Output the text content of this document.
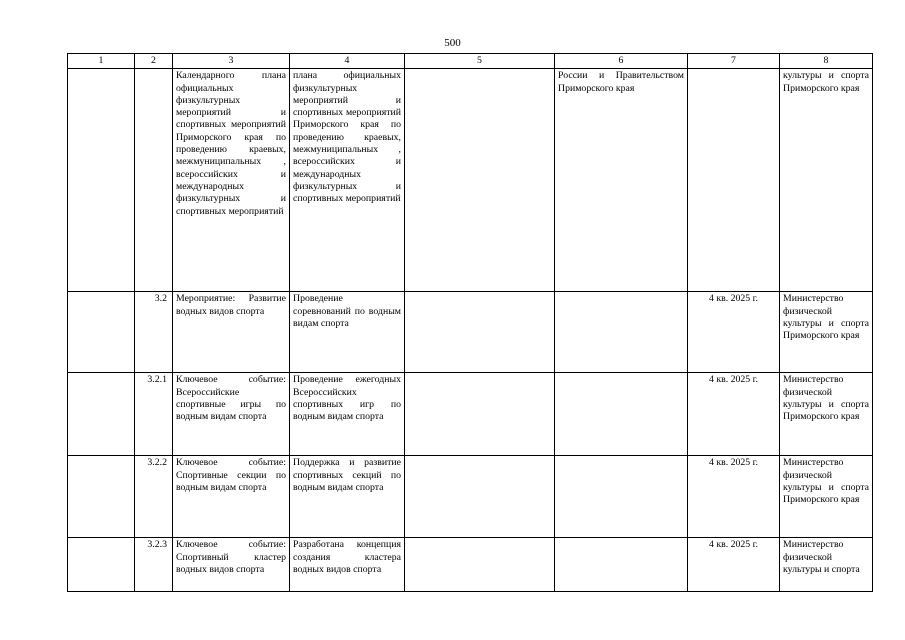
500
1	2	3	4	5	6	7	8
		Календарного плана официальных физкультурных мероприятий и спортивных мероприятий Приморского края по проведению краевых, межмуниципальных , всероссийских и международных физкультурных и спортивных мероприятий	плана официальных физкультурных мероприятий и спортивных мероприятий Приморского края по проведению краевых, межмуниципальных , всероссийских и международных физкультурных и спортивных мероприятий		России и Правительством Приморского края		культуры и спорта Приморского края
	3.2	Мероприятие: Развитие водных видов спорта	Проведение соревнований по водным видам спорта			4 кв. 2025 г.	Министерство физической культуры и спорта Приморского края
	3.2.1	Ключевое событие: Всероссийские спортивные игры по водным видам спорта	Проведение ежегодных Всероссийских спортивных игр по водным видам спорта			4 кв. 2025 г.	Министерство физической культуры и спорта Приморского края
	3.2.2	Ключевое событие: Спортивные секции по водным видам спорта	Поддержка и развитие спортивных секций по водным видам спорта			4 кв. 2025 г.	Министерство физической культуры и спорта Приморского края
	3.2.3	Ключевое событие: Спортивный кластер водных видов спорта	Разработана концепция создания кластера водных видов спорта			4 кв. 2025 г.	Министерство физической культуры и спорта
